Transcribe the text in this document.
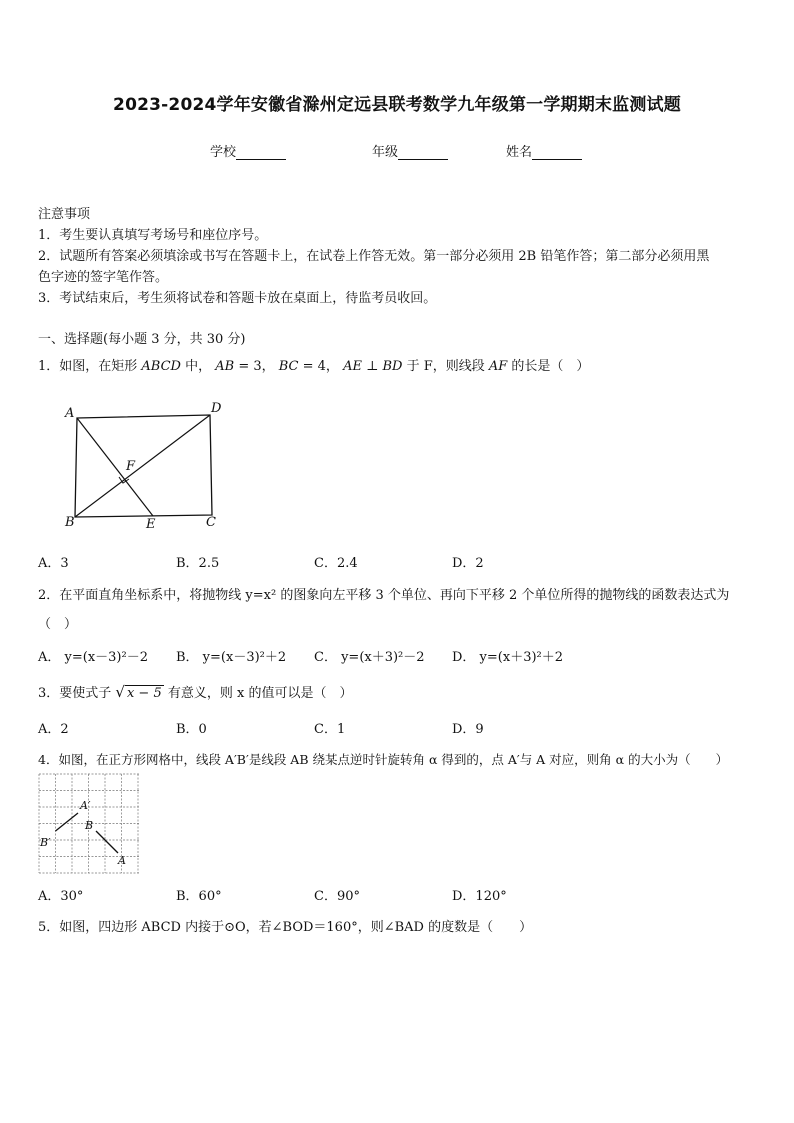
2023-2024学年安徽省滁州定远县联考数学九年级第一学期期末监测试题
学校	年级	姓名
注意事项
1．考生要认真填写考场号和座位序号。
2．试题所有答案必须填涂或书写在答题卡上，在试卷上作答无效。第一部分必须用 2B 铅笔作答；第二部分必须用黑
色字迹的签字笔作答。
3．考试结束后，考生须将试卷和答题卡放在桌面上，待监考员收回。
一、选择题(每小题 3 分，共 30 分)
1．如图，在矩形 ABCD 中， AB = 3， BC = 4， AE ⊥ BD 于 F，则线段 AF 的长是（　）
A	D
B	E	C
F
A．3	B．2.5	C．2.4	D．2
2．在平面直角坐标系中，将抛物线 y=x² 的图象向左平移 3 个单位、再向下平移 2 个单位所得的抛物线的函数表达式为
（　）
A． y=(x－3)²－2 B． y=(x－3)²＋2 C． y=(x＋3)²－2 D． y=(x＋3)²＋2
3．要使式子 √ x − 5 有意义，则 x 的值可以是（　）
A．2	B．0	C．1	D．9
4．如图，在正方形网格中，线段 A′B′是线段 AB 绕某点逆时针旋转角 α 得到的，点 A′与 A 对应，则角 α 的大小为（　　）
A′
B
B′
A
A．30°	B．60°	C．90°	D．120°
5．如图，四边形 ABCD 内接于⊙O，若∠BOD＝160°，则∠BAD 的度数是（　　）
